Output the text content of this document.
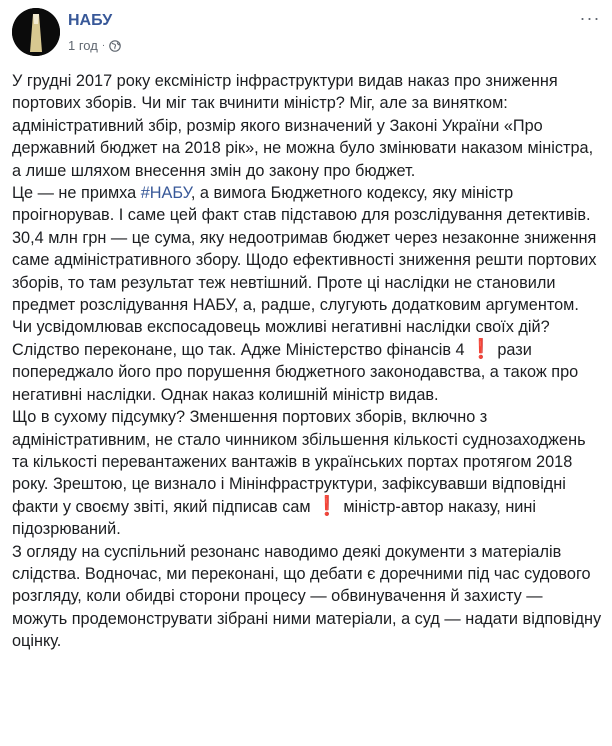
НАБУ
1 год ·
···

У грудні 2017 року ексміністр інфраструктури видав наказ про зниження портових зборів. Чи міг так вчинити міністр? Міг, але за винятком: адміністративний збір, розмір якого визначений у Законі України «Про державний бюджет на 2018 рік», не можна було змінювати наказом міністра, а лише шляхом внесення змін до закону про бюджет.

Це — не примха #НАБУ, а вимога Бюджетного кодексу, яку міністр проігнорував. І саме цей факт став підставою для розслідування детективів.

30,4 млн грн — це сума, яку недоотримав бюджет через незаконне зниження саме адміністративного збору. Щодо ефективності зниження решти портових зборів, то там результат теж невтішний. Проте ці наслідки не становили предмет розслідування НАБУ, а, радше, слугують додатковим аргументом.

Чи усвідомлював експосадовець можливі негативні наслідки своїх дій? Слідство переконане, що так. Адже Міністерство фінансів 4 ❗ рази попереджало його про порушення бюджетного законодавства, а також про негативні наслідки. Однак наказ колишній міністр видав.

Що в сухому підсумку? Зменшення портових зборів, включно з адміністративним, не стало чинником збільшення кількості суднозаходжень та кількості перевантажених вантажів в українських портах протягом 2018 року. Зрештою, це визнало і Мінінфраструктури, зафіксувавши відповідні факти у своєму звіті, який підписав сам ❗ міністр-автор наказу, нині підозрюваний.

З огляду на суспільний резонанс наводимо деякі документи з матеріалів слідства. Водночас, ми переконані, що дебати є доречними під час судового розгляду, коли обидві сторони процесу — обвинувачення й захисту — можуть продемонструвати зібрані ними матеріали, а суд — надати відповідну оцінку.
